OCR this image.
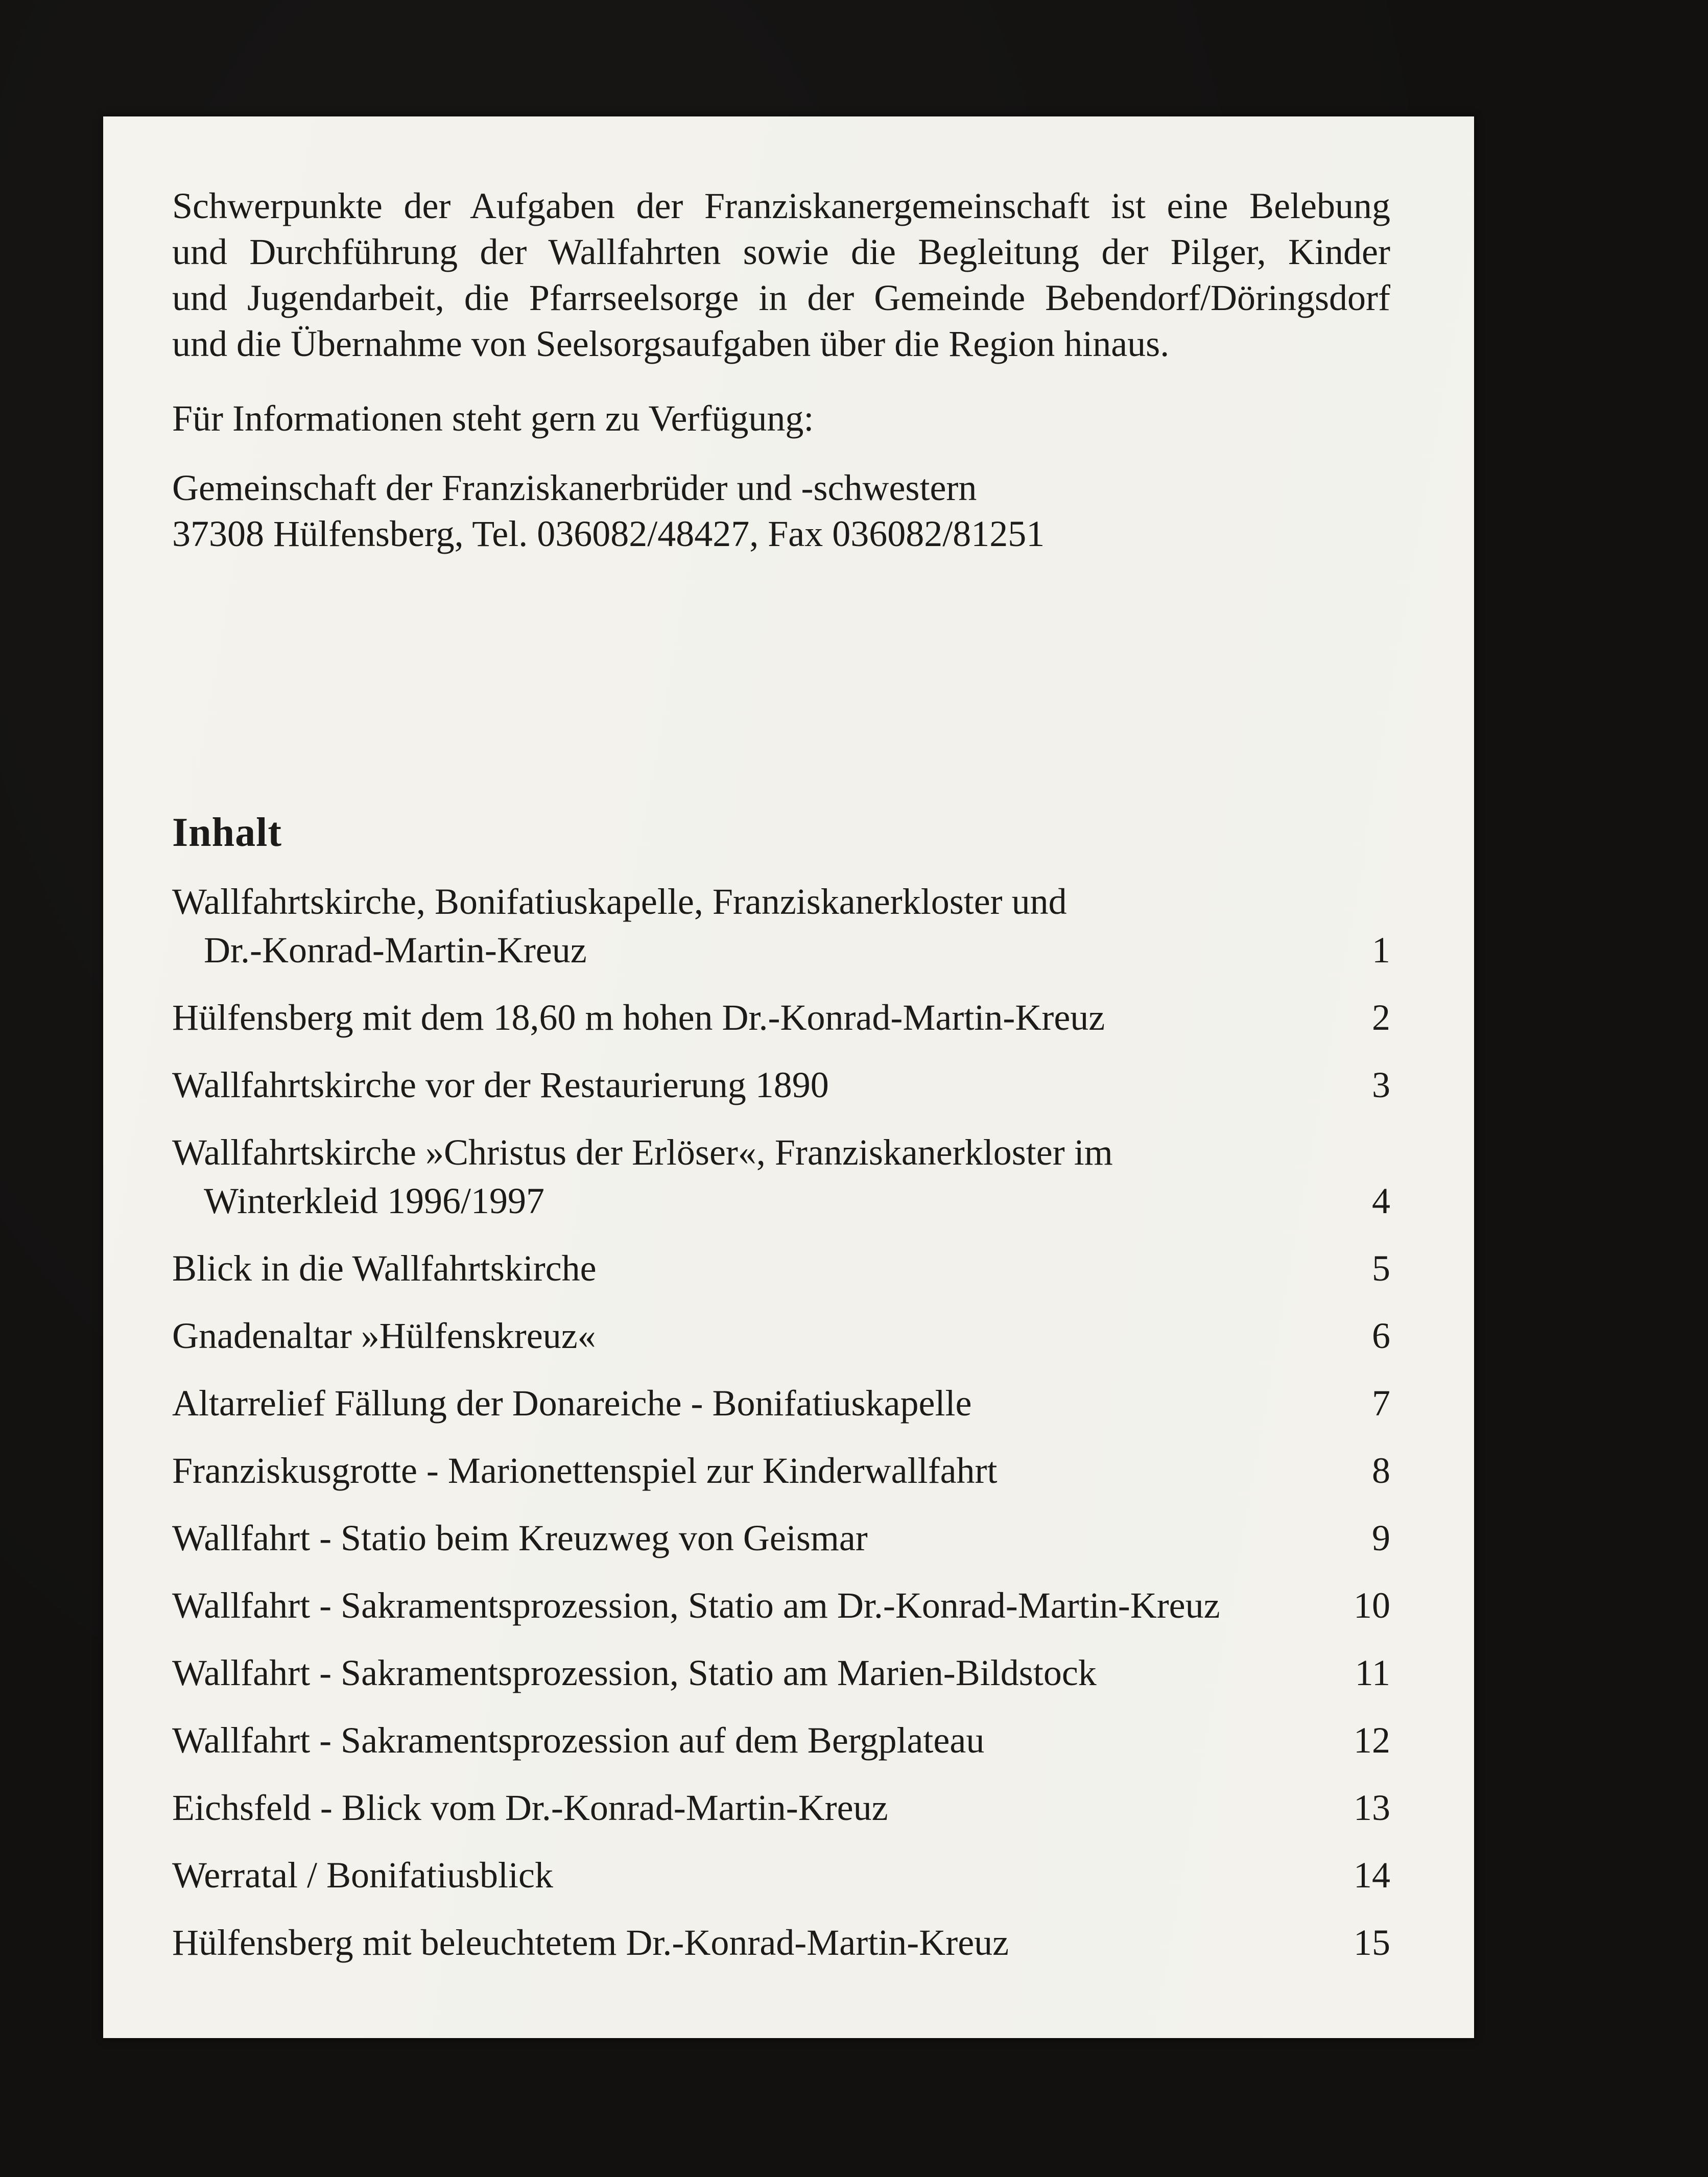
Schwerpunkte der Aufgaben der Franziskanergemeinschaft ist eine Belebung
und Durchführung der Wallfahrten sowie die Begleitung der Pilger, Kinder
und Jugendarbeit, die Pfarrseelsorge in der Gemeinde Bebendorf/Döringsdorf
und die Übernahme von Seelsorgsaufgaben über die Region hinaus.
Für Informationen steht gern zu Verfügung:
Gemeinschaft der Franziskanerbrüder und -schwestern
37308 Hülfensberg, Tel. 036082/48427, Fax 036082/81251
Inhalt
Wallfahrtskirche, Bonifatiuskapelle, Franziskanerkloster und
Dr.-Konrad-Martin-Kreuz	1
Hülfensberg mit dem 18,60 m hohen Dr.-Konrad-Martin-Kreuz	2
Wallfahrtskirche vor der Restaurierung 1890	3
Wallfahrtskirche »Christus der Erlöser«, Franziskanerkloster im
Winterkleid 1996/1997	4
Blick in die Wallfahrtskirche	5
Gnadenaltar »Hülfenskreuz«	6
Altarrelief Fällung der Donareiche - Bonifatiuskapelle	7
Franziskusgrotte - Marionettenspiel zur Kinderwallfahrt	8
Wallfahrt - Statio beim Kreuzweg von Geismar	9
Wallfahrt - Sakramentsprozession, Statio am Dr.-Konrad-Martin-Kreuz	10
Wallfahrt - Sakramentsprozession, Statio am Marien-Bildstock	11
Wallfahrt - Sakramentsprozession auf dem Bergplateau	12
Eichsfeld - Blick vom Dr.-Konrad-Martin-Kreuz	13
Werratal / Bonifatiusblick	14
Hülfensberg mit beleuchtetem Dr.-Konrad-Martin-Kreuz	15
